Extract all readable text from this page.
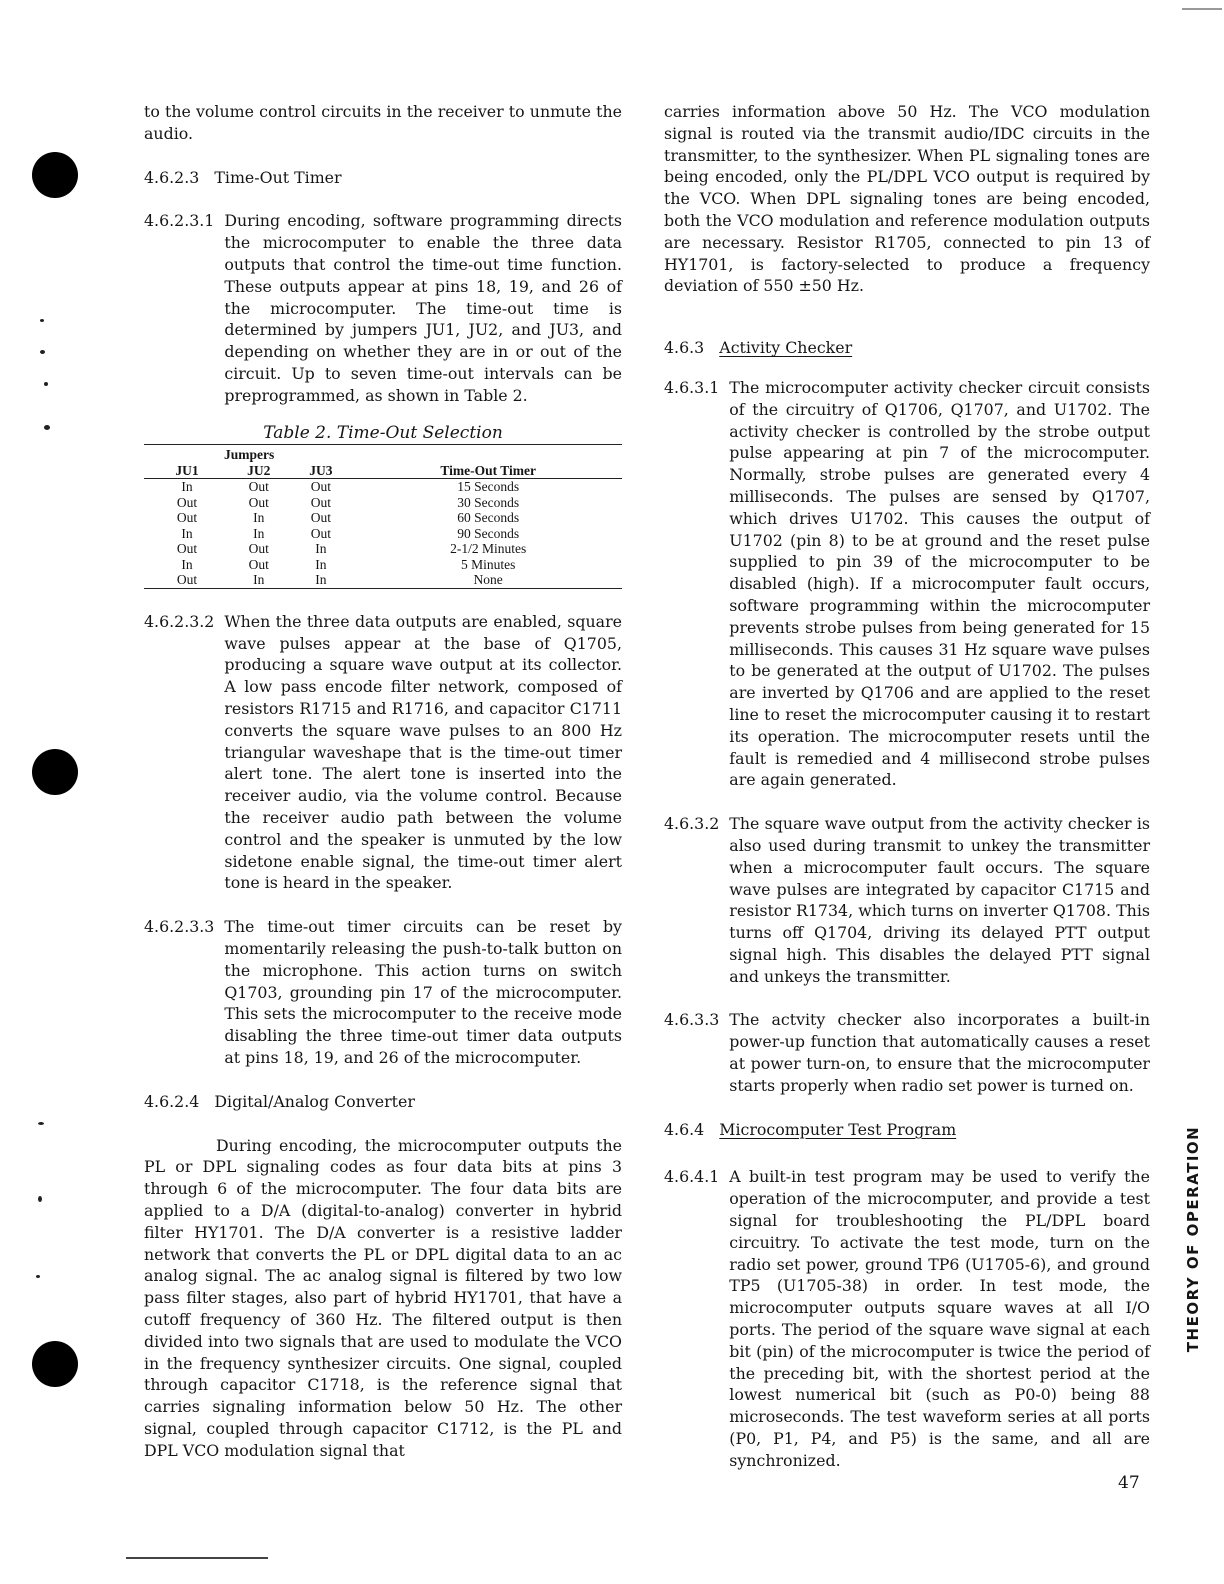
to the volume control circuits in the receiver to unmute the audio.

4.6.2.3 Time-Out Timer
4.6.2.3.1 During encoding, software programming directs the microcomputer to enable the three data outputs that control the time-out time function. These outputs appear at pins 18, 19, and 26 of the microcomputer. The time-out time is determined by jumpers JU1, JU2, and JU3, and depending on whether they are in or out of the circuit. Up to seven time-out intervals can be preprogrammed, as shown in Table 2.

Table 2. Time-Out Selection
Jumpers			
JU1	JU2	JU3	Time-Out Timer
In	Out	Out	15 Seconds
Out	Out	Out	30 Seconds
Out	In	Out	60 Seconds
In	In	Out	90 Seconds
Out	Out	In	2-1/2 Minutes
In	Out	In	5 Minutes
Out	In	In	None
4.6.2.3.2 When the three data outputs are enabled, square wave pulses appear at the base of Q1705, producing a square wave output at its collector. A low pass encode filter network, composed of resistors R1715 and R1716, and capacitor C1711 converts the square wave pulses to an 800 Hz triangular waveshape that is the time-out timer alert tone. The alert tone is inserted into the receiver audio, via the volume control. Because the receiver audio path between the volume control and the speaker is unmuted by the low sidetone enable signal, the time-out timer alert tone is heard in the speaker.

4.6.2.3.3 The time-out timer circuits can be reset by momentarily releasing the push-to-talk button on the microphone. This action turns on switch Q1703, grounding pin 17 of the microcomputer. This sets the microcomputer to the receive mode disabling the three time-out timer data outputs at pins 18, 19, and 26 of the microcomputer.

4.6.2.4 Digital/Analog Converter

During encoding, the microcomputer outputs the PL or DPL signaling codes as four data bits at pins 3 through 6 of the microcomputer. The four data bits are applied to a D/A (digital-to-analog) converter in hybrid filter HY1701. The D/A converter is a resistive ladder network that converts the PL or DPL digital data to an ac analog signal. The ac analog signal is filtered by two low pass filter stages, also part of hybrid HY1701, that have a cutoff frequency of 360 Hz. The filtered output is then divided into two signals that are used to modulate the VCO in the frequency synthesizer circuits. One signal, coupled through capacitor C1718, is the reference signal that carries signaling information below 50 Hz. The other signal, coupled through capacitor C1712, is the PL and DPL VCO modulation signal that

carries information above 50 Hz. The VCO modulation signal is routed via the transmit audio/IDC circuits in the transmitter, to the synthesizer. When PL signaling tones are being encoded, only the PL/DPL VCO output is required by the VCO. When DPL signaling tones are being encoded, both the VCO modulation and reference modulation outputs are necessary. Resistor R1705, connected to pin 13 of HY1701, is factory-selected to produce a frequency deviation of 550 ±50 Hz.

4.6.3 Activity Checker
4.6.3.1 The microcomputer activity checker circuit consists of the circuitry of Q1706, Q1707, and U1702. The activity checker is controlled by the strobe output pulse appearing at pin 7 of the microcomputer. Normally, strobe pulses are generated every 4 milliseconds. The pulses are sensed by Q1707, which drives U1702. This causes the output of U1702 (pin 8) to be at ground and the reset pulse supplied to pin 39 of the microcomputer to be disabled (high). If a microcomputer fault occurs, software programming within the microcomputer prevents strobe pulses from being generated for 15 milliseconds. This causes 31 Hz square wave pulses to be generated at the output of U1702. The pulses are inverted by Q1706 and are applied to the reset line to reset the microcomputer causing it to restart its operation. The microcomputer resets until the fault is remedied and 4 millisecond strobe pulses are again generated.

4.6.3.2 The square wave output from the activity checker is also used during transmit to unkey the transmitter when a microcomputer fault occurs. The square wave pulses are integrated by capacitor C1715 and resistor R1734, which turns on inverter Q1708. This turns off Q1704, driving its delayed PTT output signal high. This disables the delayed PTT signal and unkeys the transmitter.

4.6.3.3 The actvity checker also incorporates a built-in power-up function that automatically causes a reset at power turn-on, to ensure that the microcomputer starts properly when radio set power is turned on.

4.6.4 Microcomputer Test Program
4.6.4.1 A built-in test program may be used to verify the operation of the microcomputer, and provide a test signal for troubleshooting the PL/DPL board circuitry. To activate the test mode, turn on the radio set power, ground TP6 (U1705-6), and ground TP5 (U1705-38) in order. In test mode, the microcomputer outputs square waves at all I/O ports. The period of the square wave signal at each bit (pin) of the microcomputer is twice the period of the preceding bit, with the shortest period at the lowest numerical bit (such as P0-0) being 88 microseconds. The test waveform series at all ports (P0, P1, P4, and P5) is the same, and all are synchronized.

THEORY OF OPERATION
47
